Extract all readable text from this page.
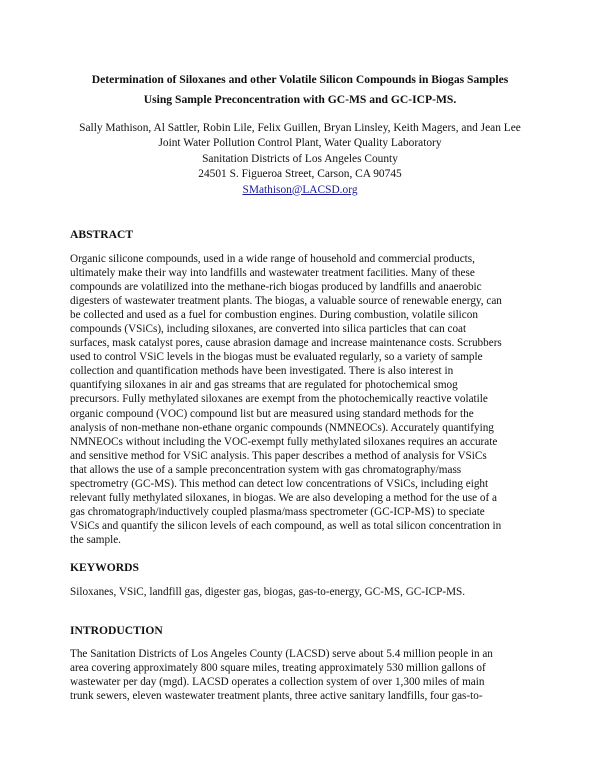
Determination of Siloxanes and other Volatile Silicon Compounds in Biogas Samples
Using Sample Preconcentration with GC-MS and GC-ICP-MS.
Sally Mathison, Al Sattler, Robin Lile, Felix Guillen, Bryan Linsley, Keith Magers, and Jean Lee
Joint Water Pollution Control Plant, Water Quality Laboratory
Sanitation Districts of Los Angeles County
24501 S. Figueroa Street, Carson, CA 90745
SMathison@LACSD.org
ABSTRACT
Organic silicone compounds, used in a wide range of household and commercial products,
ultimately make their way into landfills and wastewater treatment facilities. Many of these
compounds are volatilized into the methane-rich biogas produced by landfills and anaerobic
digesters of wastewater treatment plants. The biogas, a valuable source of renewable energy, can
be collected and used as a fuel for combustion engines. During combustion, volatile silicon
compounds (VSiCs), including siloxanes, are converted into silica particles that can coat
surfaces, mask catalyst pores, cause abrasion damage and increase maintenance costs. Scrubbers
used to control VSiC levels in the biogas must be evaluated regularly, so a variety of sample
collection and quantification methods have been investigated. There is also interest in
quantifying siloxanes in air and gas streams that are regulated for photochemical smog
precursors. Fully methylated siloxanes are exempt from the photochemically reactive volatile
organic compound (VOC) compound list but are measured using standard methods for the
analysis of non-methane non-ethane organic compounds (NMNEOCs). Accurately quantifying
NMNEOCs without including the VOC-exempt fully methylated siloxanes requires an accurate
and sensitive method for VSiC analysis. This paper describes a method of analysis for VSiCs
that allows the use of a sample preconcentration system with gas chromatography/mass
spectrometry (GC-MS). This method can detect low concentrations of VSiCs, including eight
relevant fully methylated siloxanes, in biogas. We are also developing a method for the use of a
gas chromatograph/inductively coupled plasma/mass spectrometer (GC-ICP-MS) to speciate
VSiCs and quantify the silicon levels of each compound, as well as total silicon concentration in
the sample.
KEYWORDS
Siloxanes, VSiC, landfill gas, digester gas, biogas, gas-to-energy, GC-MS, GC-ICP-MS.
INTRODUCTION
The Sanitation Districts of Los Angeles County (LACSD) serve about 5.4 million people in an
area covering approximately 800 square miles, treating approximately 530 million gallons of
wastewater per day (mgd). LACSD operates a collection system of over 1,300 miles of main
trunk sewers, eleven wastewater treatment plants, three active sanitary landfills, four gas-to-
